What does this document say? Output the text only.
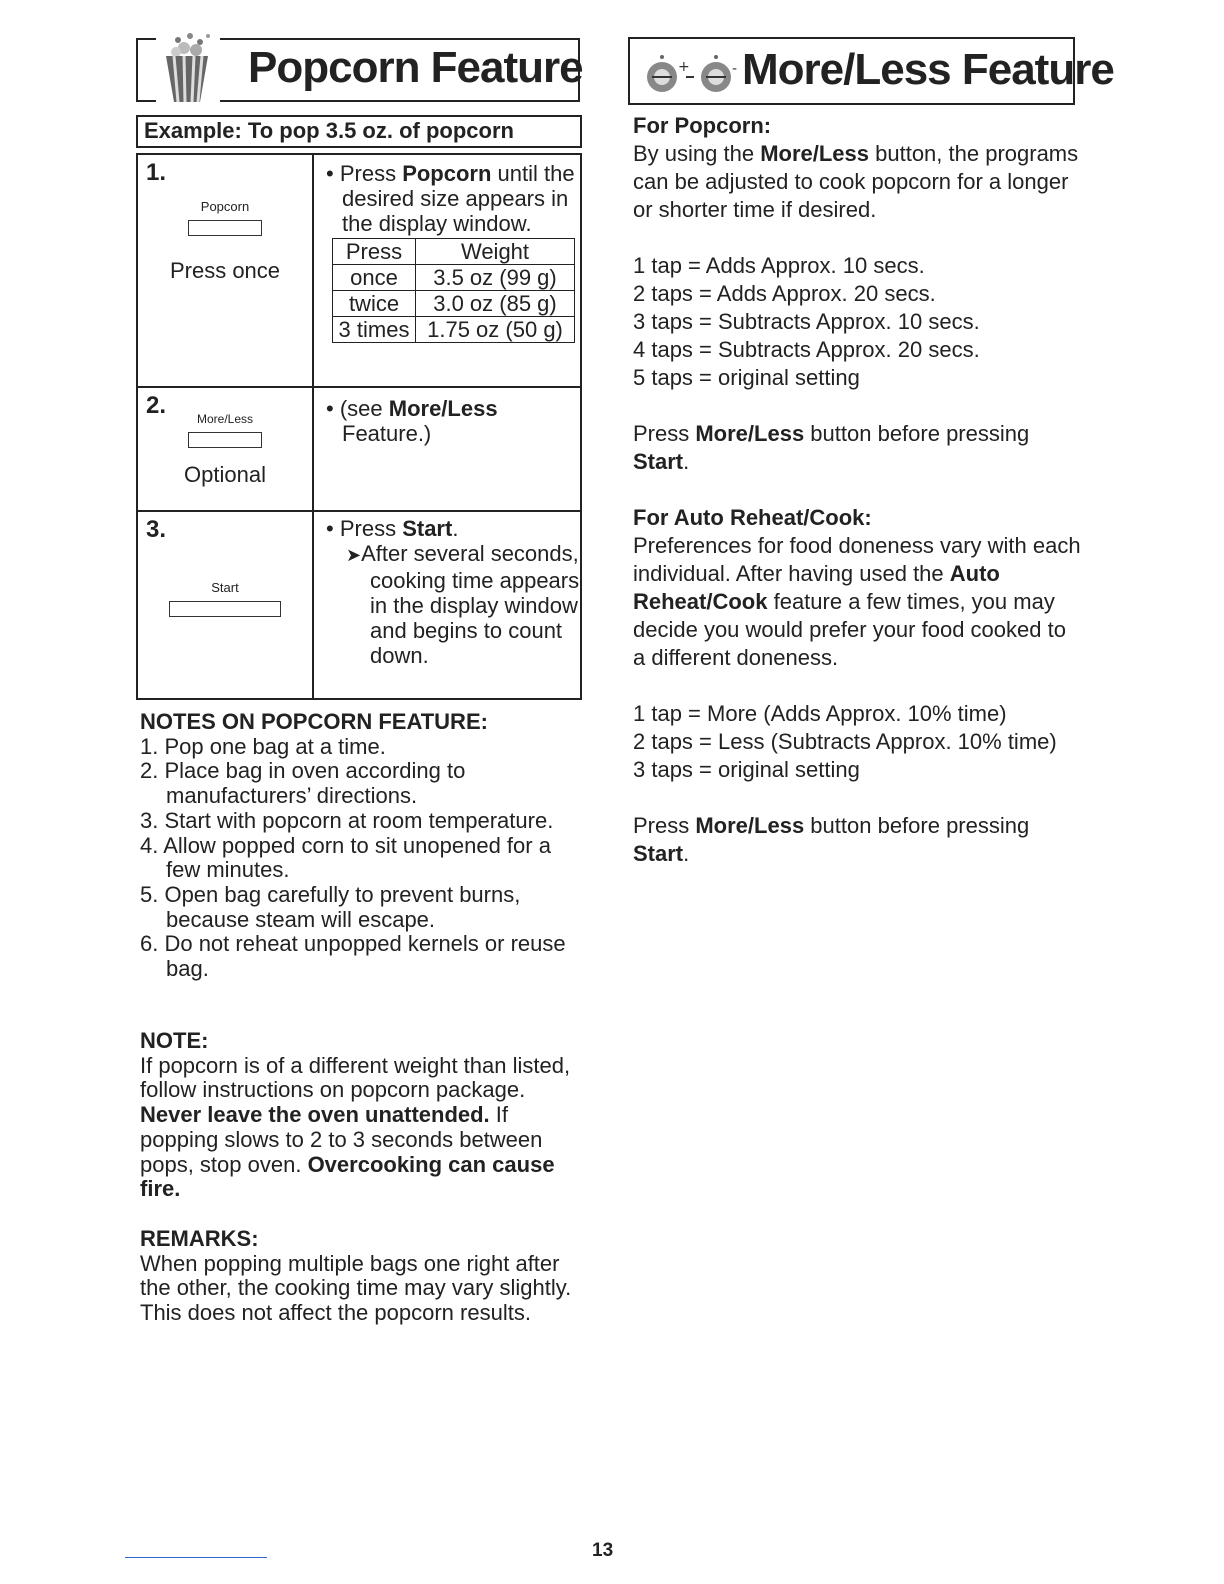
Popcorn Feature
Example: To pop 3.5 oz. of popcorn
1.
Popcorn
Press once

• Press Popcorn until the desired size appears in the display window.
Press	Weight
once	3.5 oz (99 g)
twice	3.0 oz (85 g)
3 times	1.75 oz (50 g)

2.	More/Less
Optional

• (see More/Less Feature.)

3.
Start

• Press Start.
➤After several seconds, cooking time appears in the display window and begins to count down.
NOTES ON POPCORN FEATURE:
1. Pop one bag at a time.
2. Place bag in oven according to manufacturers’ directions.
3. Start with popcorn at room temperature.
4. Allow popped corn to sit unopened for a few minutes.
5. Open bag carefully to prevent burns, because steam will escape.
6. Do not reheat unpopped kernels or reuse bag.
NOTE:
If popcorn is of a different weight than listed, follow instructions on popcorn package. Never leave the oven unattended. If popping slows to 2 to 3 seconds between pops, stop oven. Overcooking can cause fire.
REMARKS:
When popping multiple bags one right after the other, the cooking time may vary slightly. This does not affect the popcorn results.
+	- More/Less Feature
For Popcorn:
By using the More/Less button, the programs can be adjusted to cook popcorn for a longer or shorter time if desired.
1 tap = Adds Approx. 10 secs.
2 taps = Adds Approx. 20 secs.
3 taps = Subtracts Approx. 10 secs.
4 taps = Subtracts Approx. 20 secs.
5 taps = original setting
Press More/Less button before pressing Start.
For Auto Reheat/Cook:
Preferences for food doneness vary with each individual. After having used the Auto Reheat/Cook feature a few times, you may decide you would prefer your food cooked to a different doneness.
1 tap = More (Adds Approx. 10% time)
2 taps = Less (Subtracts Approx. 10% time)
3 taps = original setting
Press More/Less button before pressing Start.
13
